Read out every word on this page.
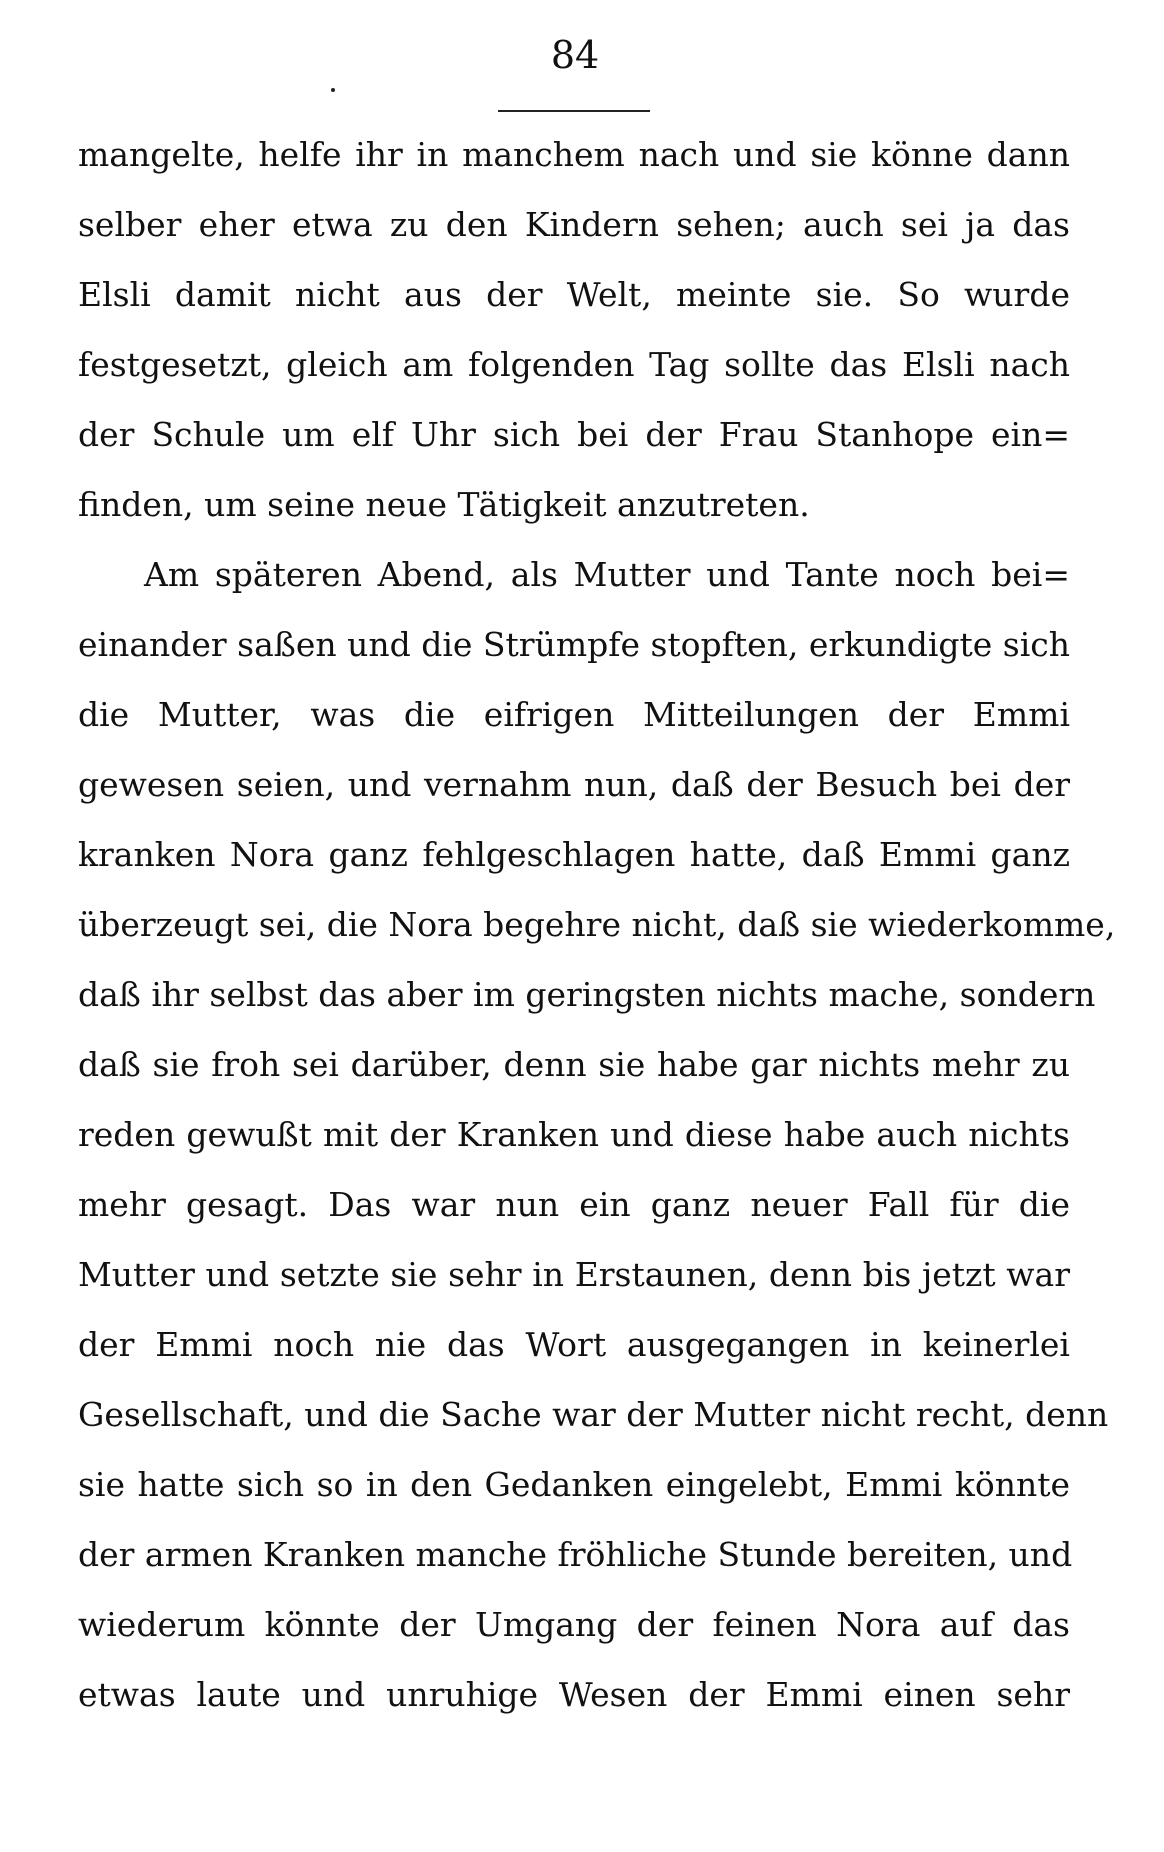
84
mangelte, helfe ihr in manchem nach und sie könne dann
selber eher etwa zu den Kindern sehen; auch sei ja das
Elsli damit nicht aus der Welt, meinte sie. So wurde
festgesetzt, gleich am folgenden Tag sollte das Elsli nach
der Schule um elf Uhr sich bei der Frau Stanhope ein=
finden, um seine neue Tätigkeit anzutreten.
Am späteren Abend, als Mutter und Tante noch bei=
einander saßen und die Strümpfe stopften, erkundigte sich
die Mutter, was die eifrigen Mitteilungen der Emmi
gewesen seien, und vernahm nun, daß der Besuch bei der
kranken Nora ganz fehlgeschlagen hatte, daß Emmi ganz
überzeugt sei, die Nora begehre nicht, daß sie wiederkomme,
daß ihr selbst das aber im geringsten nichts mache, sondern
daß sie froh sei darüber, denn sie habe gar nichts mehr zu
reden gewußt mit der Kranken und diese habe auch nichts
mehr gesagt. Das war nun ein ganz neuer Fall für die
Mutter und setzte sie sehr in Erstaunen, denn bis jetzt war
der Emmi noch nie das Wort ausgegangen in keinerlei
Gesellschaft, und die Sache war der Mutter nicht recht, denn
sie hatte sich so in den Gedanken eingelebt, Emmi könnte
der armen Kranken manche fröhliche Stunde bereiten, und
wiederum könnte der Umgang der feinen Nora auf das
etwas laute und unruhige Wesen der Emmi einen sehr
